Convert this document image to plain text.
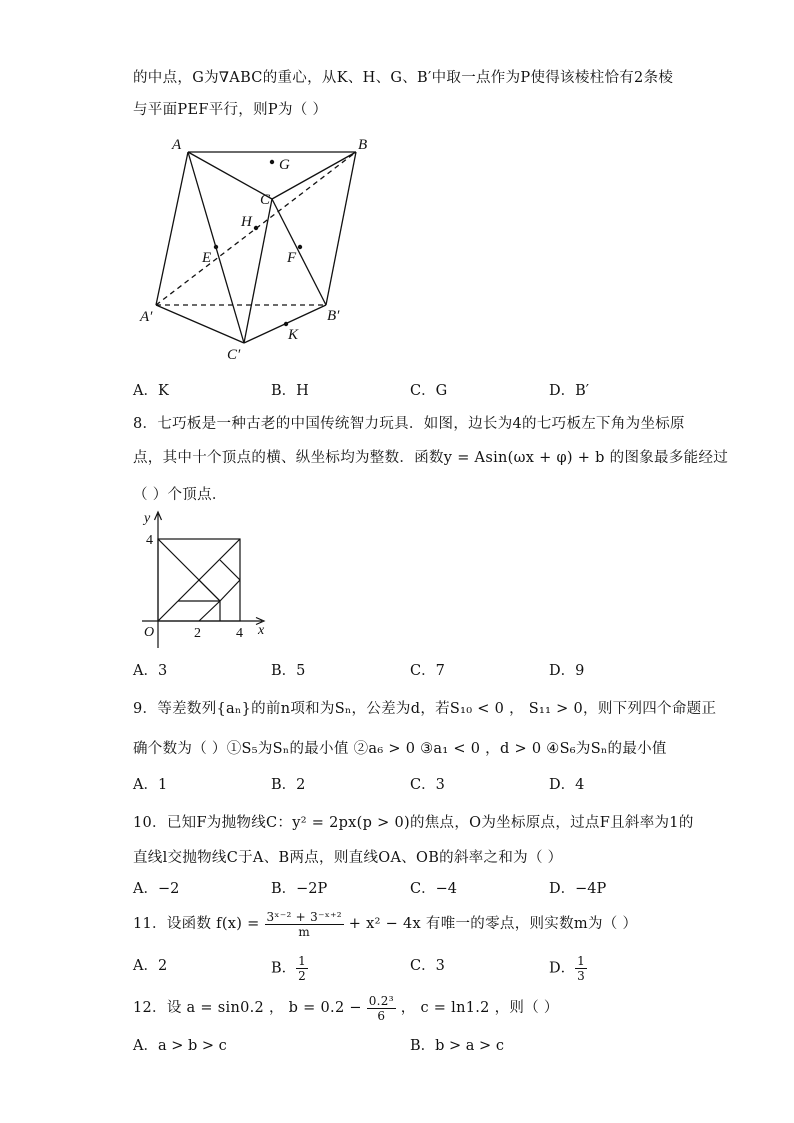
的中点，G为∇ABC的重心，从K、H、G、B′中取一点作为P使得该棱柱恰有2条棱
与平面PEF平行，则P为（ ）
A	B
C
G
H
E	F
A′	B′
C′
K
A．K	B．H	C．G	D．B′
8．七巧板是一种古老的中国传统智力玩具．如图，边长为4的七巧板左下角为坐标原
点，其中十个顶点的横、纵坐标均为整数．函数y = Asin(ωx + φ) + b 的图象最多能经过
（ ）个顶点．
y
x
O	2	4
4
A．3	B．5	C．7	D．9
9．等差数列{aₙ}的前n项和为Sₙ，公差为d，若S₁₀ < 0 ， S₁₁ > 0，则下列四个命题正
确个数为（ ）①S₅为Sₙ的最小值 ②a₆ > 0 ③a₁ < 0 ，d > 0 ④S₆为Sₙ的最小值
A．1	B．2	C．3	D．4
10．已知F为抛物线C：y² = 2px(p > 0)的焦点，O为坐标原点，过点F且斜率为1的
直线l交抛物线C于A、B两点，则直线OA、OB的斜率之和为（ ）
A．−2	B．−2P	C．−4	D．−4P
11．设函数 $f(x) = \frac{\text{3ˣ⁻² + 3⁻ˣ⁺²}}{m} + x^2 - 4x$ 有唯一的零点，则实数m为（ ）
A．2	B． $\frac{1}{2}$	C．3	D． $\frac{1}{3}$
12．设 a = sin0.2 ， $b = 0.2 - \frac{\text{0.2³}}{6}$ ， c = ln1.2 ，则（ ）
A．a > b > c	B．b > a > c
